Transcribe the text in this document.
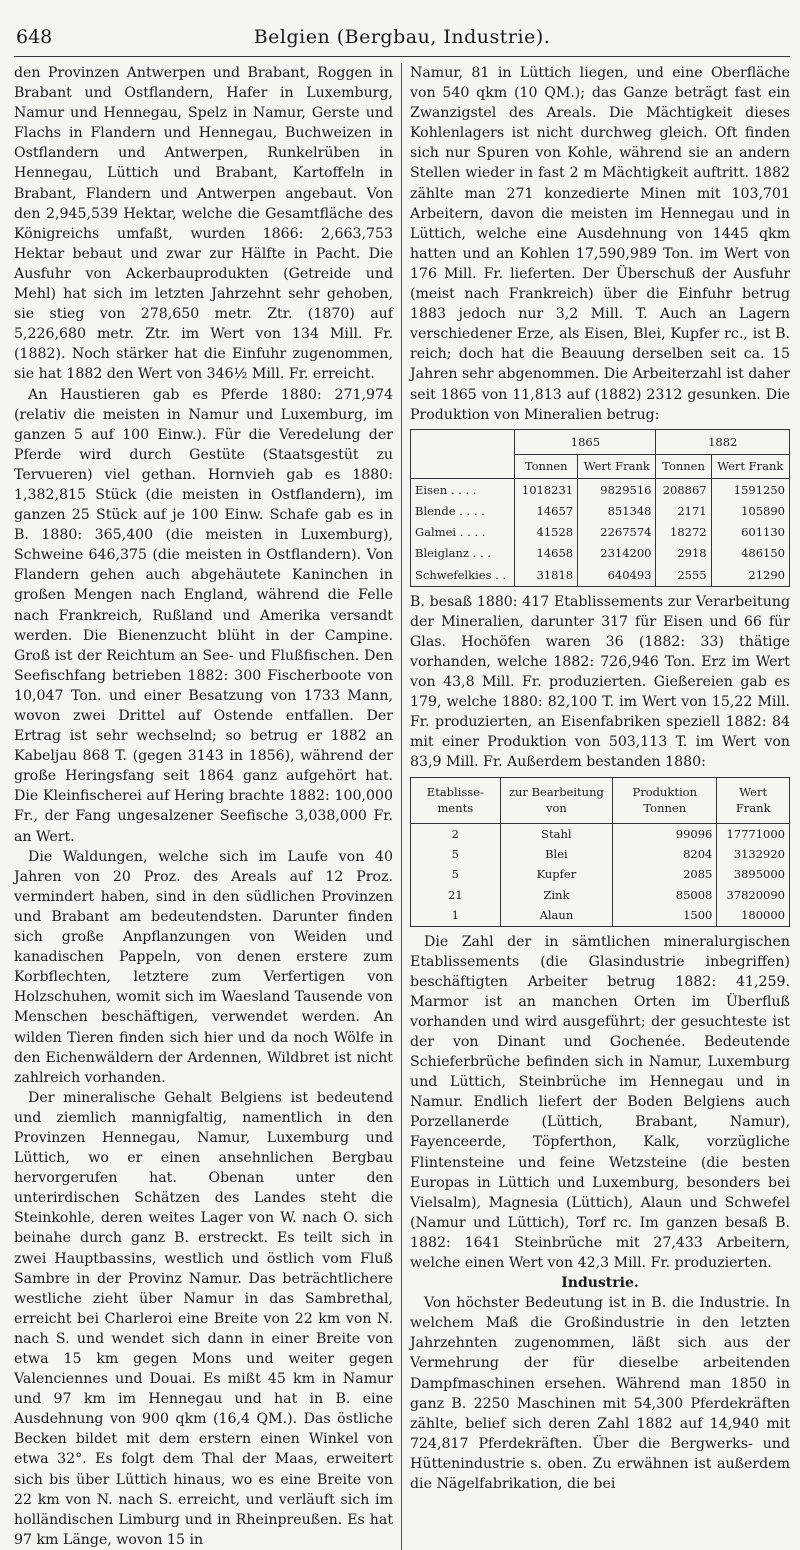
648	Belgien (Bergbau, Industrie).

den Provinzen Antwerpen und Brabant, Roggen in Brabant und Ostflandern, Hafer in Luxemburg, Namur und Hennegau, Spelz in Namur, Gerste und Flachs in Flandern und Hennegau, Buchweizen in Ostflandern und Antwerpen, Runkelrüben in Hennegau, Lüttich und Brabant, Kartoffeln in Brabant, Flandern und Antwerpen angebaut. Von den 2,945,539 Hektar, welche die Gesamtfläche des Königreichs umfaßt, wurden 1866: 2,663,753 Hektar bebaut und zwar zur Hälfte in Pacht. Die Ausfuhr von Ackerbauprodukten (Getreide und Mehl) hat sich im letzten Jahrzehnt sehr gehoben, sie stieg von 278,650 metr. Ztr. (1870) auf 5,226,680 metr. Ztr. im Wert von 134 Mill. Fr. (1882). Noch stärker hat die Einfuhr zugenommen, sie hat 1882 den Wert von 346½ Mill. Fr. erreicht.

An Haustieren gab es Pferde 1880: 271,974 (relativ die meisten in Namur und Luxemburg, im ganzen 5 auf 100 Einw.). Für die Veredelung der Pferde wird durch Gestüte (Staatsgestüt zu Tervueren) viel gethan. Hornvieh gab es 1880: 1,382,815 Stück (die meisten in Ostflandern), im ganzen 25 Stück auf je 100 Einw. Schafe gab es in B. 1880: 365,400 (die meisten in Luxemburg), Schweine 646,375 (die meisten in Ostflandern). Von Flandern gehen auch abgehäutete Kaninchen in großen Mengen nach England, während die Felle nach Frankreich, Rußland und Amerika versandt werden. Die Bienenzucht blüht in der Campine. Groß ist der Reichtum an See- und Flußfischen. Den Seefischfang betrieben 1882: 300 Fischerboote von 10,047 Ton. und einer Besatzung von 1733 Mann, wovon zwei Drittel auf Ostende entfallen. Der Ertrag ist sehr wechselnd; so betrug er 1882 an Kabeljau 868 T. (gegen 3143 in 1856), während der große Heringsfang seit 1864 ganz aufgehört hat. Die Kleinfischerei auf Hering brachte 1882: 100,000 Fr., der Fang ungesalzener Seefische 3,038,000 Fr. an Wert.

Die Waldungen, welche sich im Laufe von 40 Jahren von 20 Proz. des Areals auf 12 Proz. vermindert haben, sind in den südlichen Provinzen und Brabant am bedeutendsten. Darunter finden sich große Anpflanzungen von Weiden und kanadischen Pappeln, von denen erstere zum Korbflechten, letztere zum Verfertigen von Holzschuhen, womit sich im Waesland Tausende von Menschen beschäftigen, verwendet werden. An wilden Tieren finden sich hier und da noch Wölfe in den Eichenwäldern der Ardennen, Wildbret ist nicht zahlreich vorhanden.

Der mineralische Gehalt Belgiens ist bedeutend und ziemlich mannigfaltig, namentlich in den Provinzen Hennegau, Namur, Luxemburg und Lüttich, wo er einen ansehnlichen Bergbau hervorgerufen hat. Obenan unter den unterirdischen Schätzen des Landes steht die Steinkohle, deren weites Lager von W. nach O. sich beinahe durch ganz B. erstreckt. Es teilt sich in zwei Hauptbassins, westlich und östlich vom Fluß Sambre in der Provinz Namur. Das beträchtlichere westliche zieht über Namur in das Sambrethal, erreicht bei Charleroi eine Breite von 22 km von N. nach S. und wendet sich dann in einer Breite von etwa 15 km gegen Mons und weiter gegen Valenciennes und Douai. Es mißt 45 km in Namur und 97 km im Hennegau und hat in B. eine Ausdehnung von 900 qkm (16,4 QM.). Das östliche Becken bildet mit dem erstern einen Winkel von etwa 32°. Es folgt dem Thal der Maas, erweitert sich bis über Lüttich hinaus, wo es eine Breite von 22 km von N. nach S. erreicht, und verläuft sich im holländischen Limburg und in Rheinpreußen. Es hat 97 km Länge, wovon 15 in

Namur, 81 in Lüttich liegen, und eine Oberfläche von 540 qkm (10 QM.); das Ganze beträgt fast ein Zwanzigstel des Areals. Die Mächtigkeit dieses Kohlenlagers ist nicht durchweg gleich. Oft finden sich nur Spuren von Kohle, während sie an andern Stellen wieder in fast 2 m Mächtigkeit auftritt. 1882 zählte man 271 konzedierte Minen mit 103,701 Arbeitern, davon die meisten im Hennegau und in Lüttich, welche eine Ausdehnung von 1445 qkm hatten und an Kohlen 17,590,989 Ton. im Wert von 176 Mill. Fr. lieferten. Der Überschuß der Ausfuhr (meist nach Frankreich) über die Einfuhr betrug 1883 jedoch nur 3,2 Mill. T. Auch an Lagern verschiedener Erze, als Eisen, Blei, Kupfer rc., ist B. reich; doch hat die Beauung derselben seit ca. 15 Jahren sehr abgenommen. Die Arbeiterzahl ist daher seit 1865 von 11,813 auf (1882) 2312 gesunken. Die Produktion von Mineralien betrug:

	1865		1882	
	Tonnen	Wert Frank	Tonnen	Wert Frank
Eisen . . . .	1018231	9829516	208867	1591250
Blende . . . .	14657	851348	2171	105890
Galmei . . . .	41528	2267574	18272	601130
Bleiglanz . . .	14658	2314200	2918	486150
Schwefelkies . .	31818	640493	2555	21290

B. besaß 1880: 417 Etablissements zur Verarbeitung der Mineralien, darunter 317 für Eisen und 66 für Glas. Hochöfen waren 36 (1882: 33) thätige vorhanden, welche 1882: 726,946 Ton. Erz im Wert von 43,8 Mill. Fr. produzierten. Gießereien gab es 179, welche 1880: 82,100 T. im Wert von 15,22 Mill. Fr. produzierten, an Eisenfabriken speziell 1882: 84 mit einer Produktion von 503,113 T. im Wert von 83,9 Mill. Fr. Außerdem bestanden 1880:

Etablisse-ments	zur Bearbeitung von	Produktion Tonnen	Wert Frank
2	Stahl	99096	17771000
5	Blei	8204	3132920
5	Kupfer	2085	3895000
21	Zink	85008	37820090
1	Alaun	1500	180000

Die Zahl der in sämtlichen mineralurgischen Etablissements (die Glasindustrie inbegriffen) beschäftigten Arbeiter betrug 1882: 41,259. Marmor ist an manchen Orten im Überfluß vorhanden und wird ausgeführt; der gesuchteste ist der von Dinant und Gochenée. Bedeutende Schieferbrüche befinden sich in Namur, Luxemburg und Lüttich, Steinbrüche im Hennegau und in Namur. Endlich liefert der Boden Belgiens auch Porzellanerde (Lüttich, Brabant, Namur), Fayenceerde, Töpferthon, Kalk, vorzügliche Flintensteine und feine Wetzsteine (die besten Europas in Lüttich und Luxemburg, besonders bei Vielsalm), Magnesia (Lüttich), Alaun und Schwefel (Namur und Lüttich), Torf rc. Im ganzen besaß B. 1882: 1641 Steinbrüche mit 27,433 Arbeitern, welche einen Wert von 42,3 Mill. Fr. produzierten.

Industrie.

Von höchster Bedeutung ist in B. die Industrie. In welchem Maß die Großindustrie in den letzten Jahrzehnten zugenommen, läßt sich aus der Vermehrung der für dieselbe arbeitenden Dampfmaschinen ersehen. Während man 1850 in ganz B. 2250 Maschinen mit 54,300 Pferdekräften zählte, belief sich deren Zahl 1882 auf 14,940 mit 724,817 Pferdekräften. Über die Bergwerks- und Hüttenindustrie s. oben. Zu erwähnen ist außerdem die Nägelfabrikation, die bei
